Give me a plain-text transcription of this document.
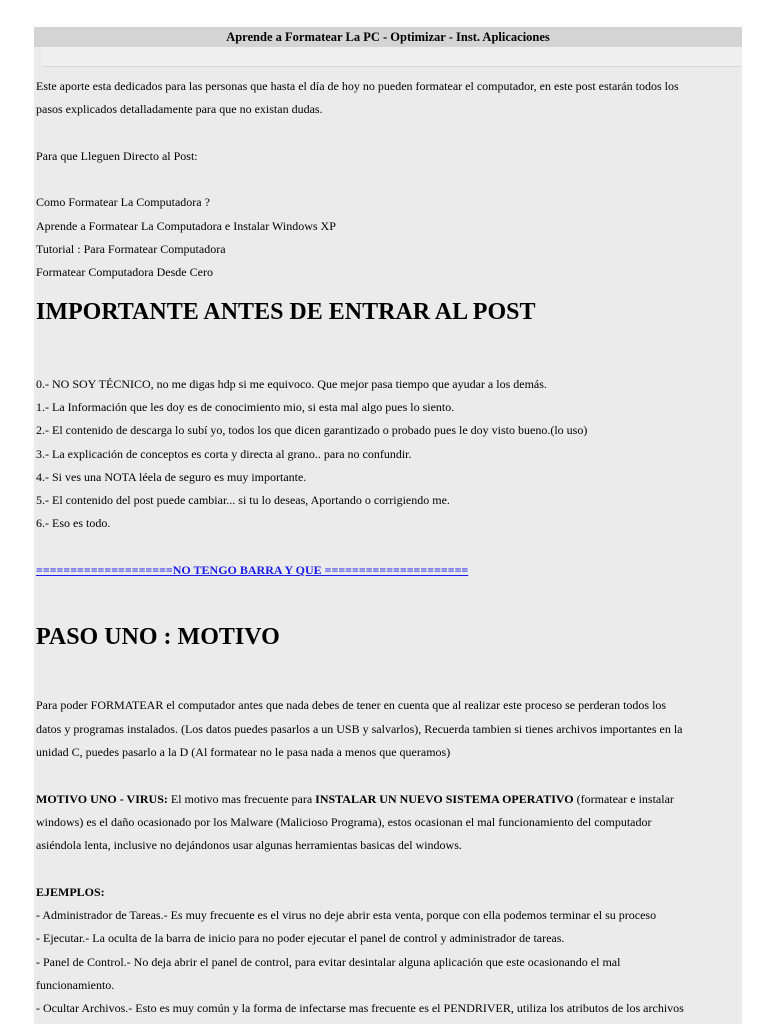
Aprende a Formatear La PC - Optimizar - Inst. Aplicaciones

Este aporte esta dedicados para las personas que hasta el día de hoy no pueden formatear el computador, en este post estarán todos los

pasos explicados detalladamente para que no existan dudas.

Para que Lleguen Directo al Post:

Como Formatear La Computadora ?

Aprende a Formatear La Computadora e Instalar Windows XP

Tutorial : Para Formatear Computadora

Formatear Computadora Desde Cero

IMPORTANTE ANTES DE ENTRAR AL POST

0.- NO SOY TÉCNICO, no me digas hdp si me equivoco. Que mejor pasa tiempo que ayudar a los demás.

1.- La Información que les doy es de conocimiento mio, si esta mal algo pues lo siento.

2.- El contenido de descarga lo subí yo, todos los que dicen garantizado o probado pues le doy visto bueno.(lo uso)

3.- La explicación de conceptos es corta y directa al grano.. para no confundir.

4.- Si ves una NOTA léela de seguro es muy importante.

5.- El contenido del post puede cambiar... si tu lo deseas, Aportando o corrigiendo me.

6.- Eso es todo.

====================NO TENGO BARRA Y QUE =====================

PASO UNO : MOTIVO

Para poder FORMATEAR el computador antes que nada debes de tener en cuenta que al realizar este proceso se perderan todos los

datos y programas instalados. (Los datos puedes pasarlos a un USB y salvarlos), Recuerda tambien si tienes archivos importantes en la

unidad C, puedes pasarlo a la D (Al formatear no le pasa nada a menos que queramos)

MOTIVO UNO - VIRUS: El motivo mas frecuente para INSTALAR UN NUEVO SISTEMA OPERATIVO (formatear e instalar

windows) es el daño ocasionado por los Malware (Malicioso Programa), estos ocasionan el mal funcionamiento del computador

asiéndola lenta, inclusive no dejándonos usar algunas herramientas basicas del windows.

EJEMPLOS:

- Administrador de Tareas.- Es muy frecuente es el virus no deje abrir esta venta, porque con ella podemos terminar el su proceso

- Ejecutar.- La oculta de la barra de inicio para no poder ejecutar el panel de control y administrador de tareas.

- Panel de Control.- No deja abrir el panel de control, para evitar desintalar alguna aplicación que este ocasionando el mal

funcionamiento.

- Ocultar Archivos.- Esto es muy común y la forma de infectarse mas frecuente es el PENDRIVER, utiliza los atributos de los archivos
